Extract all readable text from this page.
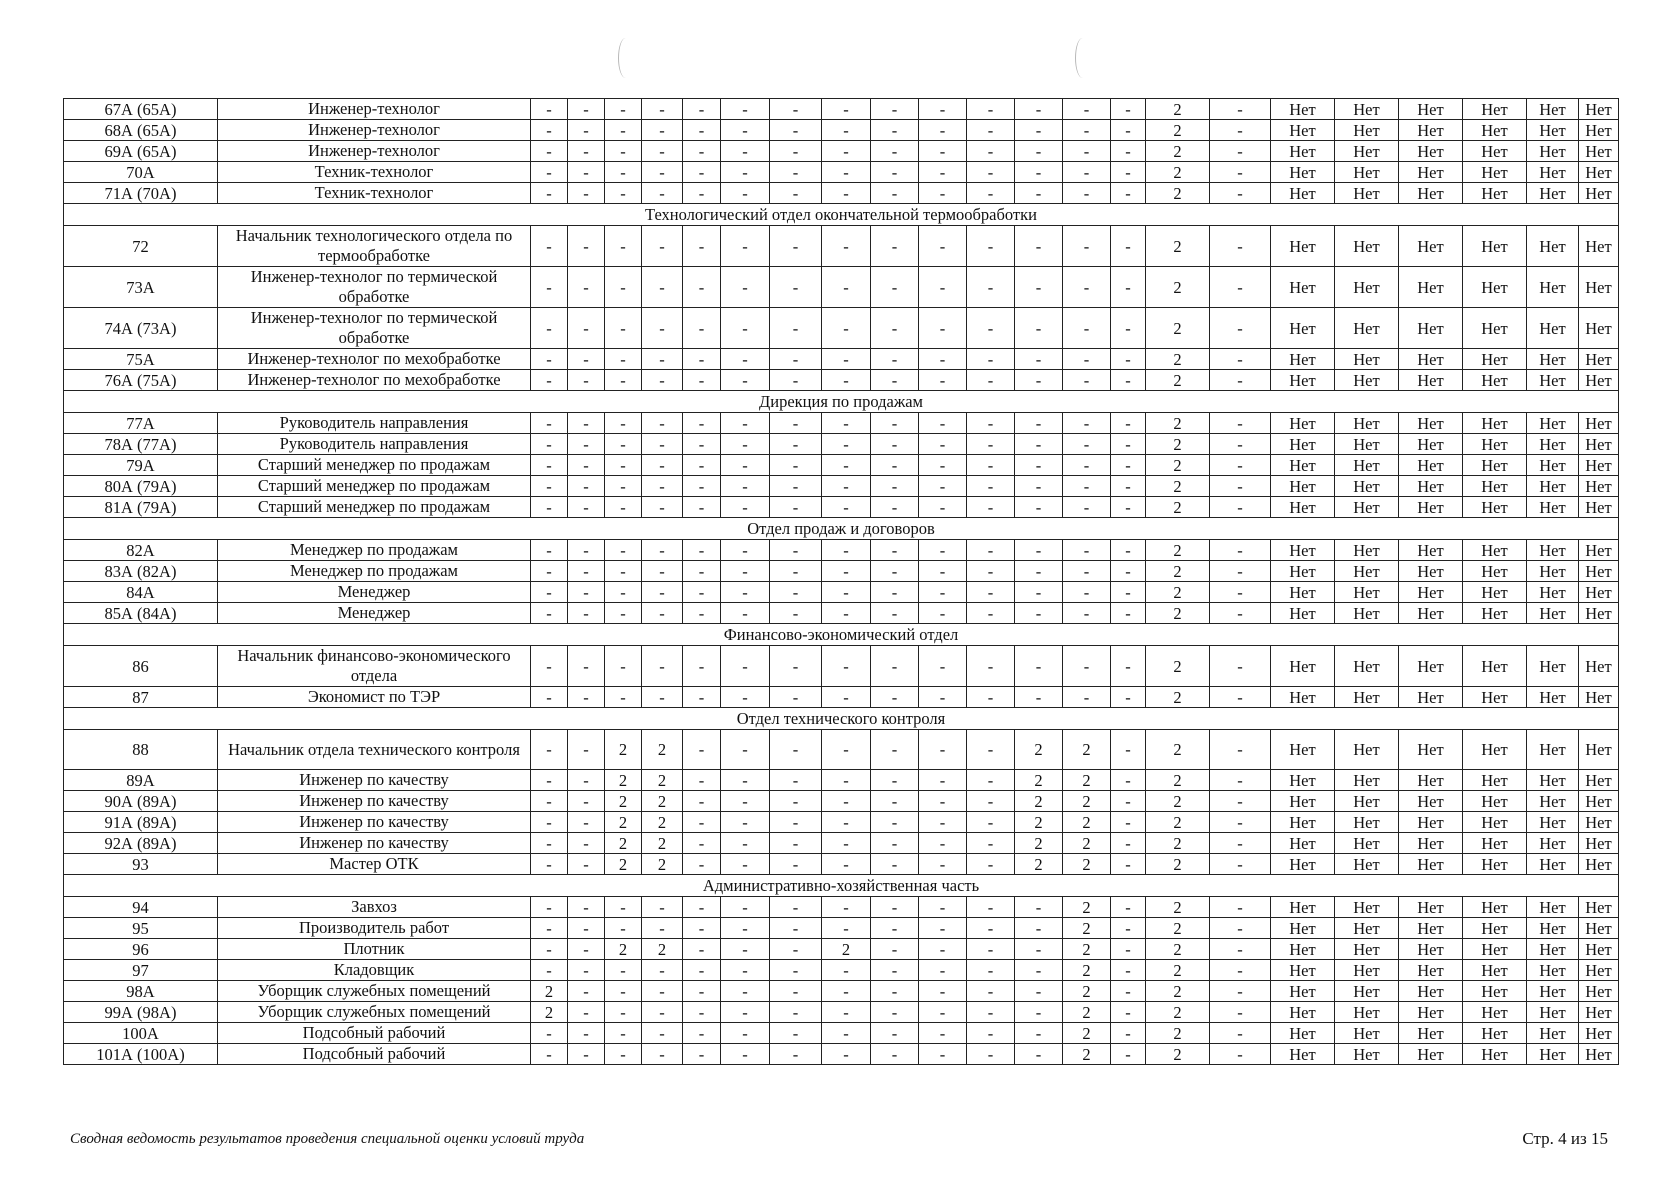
67А (65А)	Инженер-технолог	-	-	-	-	-	-	-	-	-	-	-	-	-	-	2	-	Нет	Нет	Нет	Нет	Нет	Нет
68А (65А)	Инженер-технолог	-	-	-	-	-	-	-	-	-	-	-	-	-	-	2	-	Нет	Нет	Нет	Нет	Нет	Нет
69А (65А)	Инженер-технолог	-	-	-	-	-	-	-	-	-	-	-	-	-	-	2	-	Нет	Нет	Нет	Нет	Нет	Нет
70А	Техник-технолог	-	-	-	-	-	-	-	-	-	-	-	-	-	-	2	-	Нет	Нет	Нет	Нет	Нет	Нет
71А (70А)	Техник-технолог	-	-	-	-	-	-	-	-	-	-	-	-	-	-	2	-	Нет	Нет	Нет	Нет	Нет	Нет
Технологический отдел окончательной термообработки																							
72	Начальник технологического отдела по термообработке	-	-	-	-	-	-	-	-	-	-	-	-	-	-	2	-	Нет	Нет	Нет	Нет	Нет	Нет
73А	Инженер-технолог по термической обработке	-	-	-	-	-	-	-	-	-	-	-	-	-	-	2	-	Нет	Нет	Нет	Нет	Нет	Нет
74А (73А)	Инженер-технолог по термической обработке	-	-	-	-	-	-	-	-	-	-	-	-	-	-	2	-	Нет	Нет	Нет	Нет	Нет	Нет
75А	Инженер-технолог по мехобработке	-	-	-	-	-	-	-	-	-	-	-	-	-	-	2	-	Нет	Нет	Нет	Нет	Нет	Нет
76А (75А)	Инженер-технолог по мехобработке	-	-	-	-	-	-	-	-	-	-	-	-	-	-	2	-	Нет	Нет	Нет	Нет	Нет	Нет
Дирекция по продажам																							
77А	Руководитель направления	-	-	-	-	-	-	-	-	-	-	-	-	-	-	2	-	Нет	Нет	Нет	Нет	Нет	Нет
78А (77А)	Руководитель направления	-	-	-	-	-	-	-	-	-	-	-	-	-	-	2	-	Нет	Нет	Нет	Нет	Нет	Нет
79А	Старший менеджер по продажам	-	-	-	-	-	-	-	-	-	-	-	-	-	-	2	-	Нет	Нет	Нет	Нет	Нет	Нет
80А (79А)	Старший менеджер по продажам	-	-	-	-	-	-	-	-	-	-	-	-	-	-	2	-	Нет	Нет	Нет	Нет	Нет	Нет
81А (79А)	Старший менеджер по продажам	-	-	-	-	-	-	-	-	-	-	-	-	-	-	2	-	Нет	Нет	Нет	Нет	Нет	Нет
Отдел продаж и договоров																							
82А	Менеджер по продажам	-	-	-	-	-	-	-	-	-	-	-	-	-	-	2	-	Нет	Нет	Нет	Нет	Нет	Нет
83А (82А)	Менеджер по продажам	-	-	-	-	-	-	-	-	-	-	-	-	-	-	2	-	Нет	Нет	Нет	Нет	Нет	Нет
84А	Менеджер	-	-	-	-	-	-	-	-	-	-	-	-	-	-	2	-	Нет	Нет	Нет	Нет	Нет	Нет
85А (84А)	Менеджер	-	-	-	-	-	-	-	-	-	-	-	-	-	-	2	-	Нет	Нет	Нет	Нет	Нет	Нет
Финансово-экономический отдел																							
86	Начальник финансово-экономического отдела	-	-	-	-	-	-	-	-	-	-	-	-	-	-	2	-	Нет	Нет	Нет	Нет	Нет	Нет
87	Экономист по ТЭР	-	-	-	-	-	-	-	-	-	-	-	-	-	-	2	-	Нет	Нет	Нет	Нет	Нет	Нет
Отдел технического контроля																							
88	Начальник отдела технического контроля	-	-	2	2	-	-	-	-	-	-	-	2	2	-	2	-	Нет	Нет	Нет	Нет	Нет	Нет
89А	Инженер по качеству	-	-	2	2	-	-	-	-	-	-	-	2	2	-	2	-	Нет	Нет	Нет	Нет	Нет	Нет
90А (89А)	Инженер по качеству	-	-	2	2	-	-	-	-	-	-	-	2	2	-	2	-	Нет	Нет	Нет	Нет	Нет	Нет
91А (89А)	Инженер по качеству	-	-	2	2	-	-	-	-	-	-	-	2	2	-	2	-	Нет	Нет	Нет	Нет	Нет	Нет
92А (89А)	Инженер по качеству	-	-	2	2	-	-	-	-	-	-	-	2	2	-	2	-	Нет	Нет	Нет	Нет	Нет	Нет
93	Мастер ОТК	-	-	2	2	-	-	-	-	-	-	-	2	2	-	2	-	Нет	Нет	Нет	Нет	Нет	Нет
Административно-хозяйственная часть																							
94	Завхоз	-	-	-	-	-	-	-	-	-	-	-	-	2	-	2	-	Нет	Нет	Нет	Нет	Нет	Нет
95	Производитель работ	-	-	-	-	-	-	-	-	-	-	-	-	2	-	2	-	Нет	Нет	Нет	Нет	Нет	Нет
96	Плотник	-	-	2	2	-	-	-	2	-	-	-	-	2	-	2	-	Нет	Нет	Нет	Нет	Нет	Нет
97	Кладовщик	-	-	-	-	-	-	-	-	-	-	-	-	2	-	2	-	Нет	Нет	Нет	Нет	Нет	Нет
98А	Уборщик служебных помещений	2	-	-	-	-	-	-	-	-	-	-	-	2	-	2	-	Нет	Нет	Нет	Нет	Нет	Нет
99А (98А)	Уборщик служебных помещений	2	-	-	-	-	-	-	-	-	-	-	-	2	-	2	-	Нет	Нет	Нет	Нет	Нет	Нет
100А	Подсобный рабочий	-	-	-	-	-	-	-	-	-	-	-	-	2	-	2	-	Нет	Нет	Нет	Нет	Нет	Нет
101А (100А)	Подсобный рабочий	-	-	-	-	-	-	-	-	-	-	-	-	2	-	2	-	Нет	Нет	Нет	Нет	Нет	Нет
Сводная ведомость результатов проведения специальной оценки условий труда	Стр. 4 из 15
